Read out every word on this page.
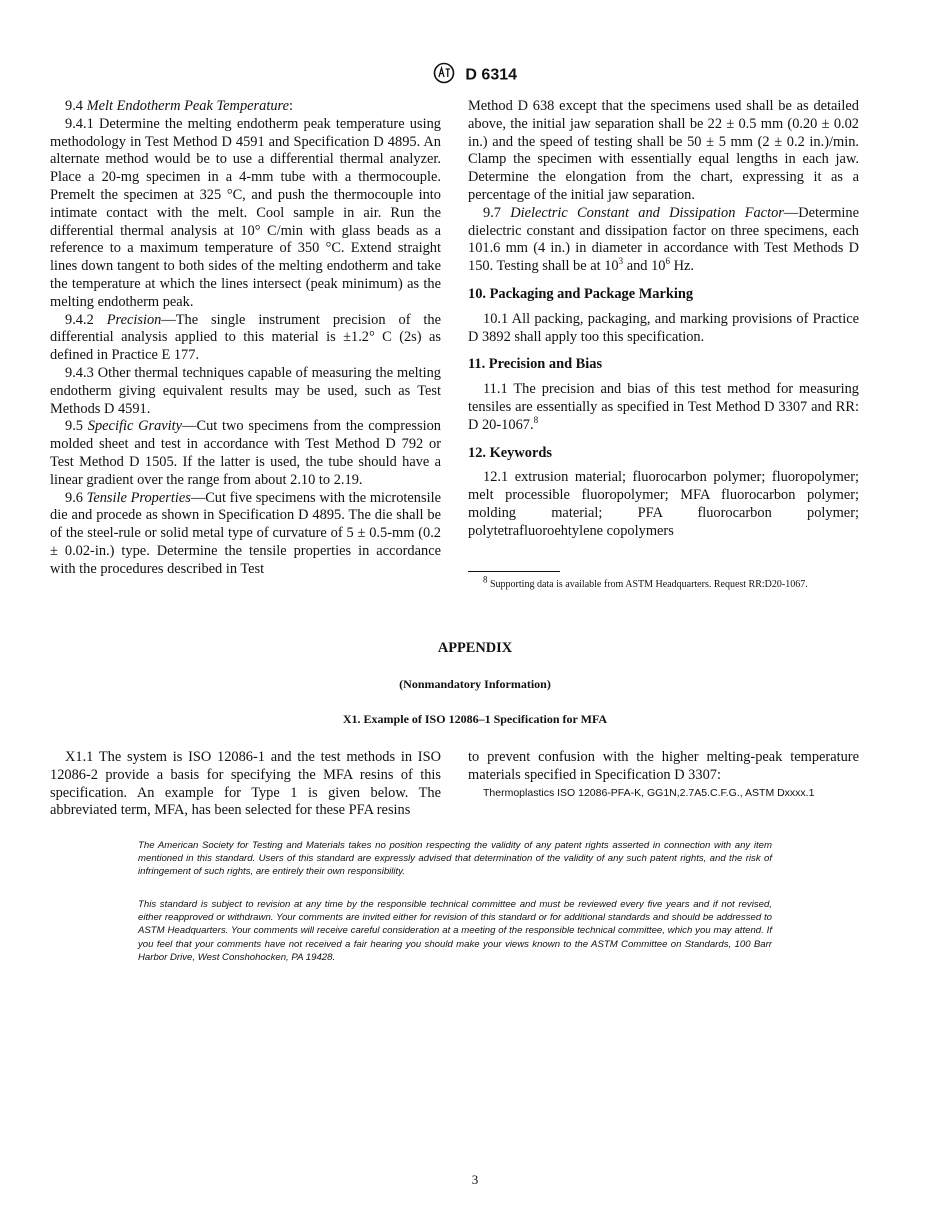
D 6314

9.4 Melt Endotherm Peak Temperature:

9.4.1 Determine the melting endotherm peak temperature using methodology in Test Method D 4591 and Specification D 4895. An alternate method would be to use a differential thermal analyzer. Place a 20-mg specimen in a 4-mm tube with a thermocouple. Premelt the specimen at 325 °C, and push the thermocouple into intimate contact with the melt. Cool sample in air. Run the differential thermal analysis at 10° C/min with glass beads as a reference to a maximum temperature of 350 °C. Extend straight lines down tangent to both sides of the melting endotherm and take the temperature at which the lines intersect (peak minimum) as the melting endotherm peak.

9.4.2 Precision—The single instrument precision of the differential analysis applied to this material is ±1.2° C (2s) as defined in Practice E 177.

9.4.3 Other thermal techniques capable of measuring the melting endotherm giving equivalent results may be used, such as Test Methods D 4591.

9.5 Specific Gravity—Cut two specimens from the compression molded sheet and test in accordance with Test Method D 792 or Test Method D 1505. If the latter is used, the tube should have a linear gradient over the range from about 2.10 to 2.19.

9.6 Tensile Properties—Cut five specimens with the microtensile die and procede as shown in Specification D 4895. The die shall be of the steel-rule or solid metal type of curvature of 5 ± 0.5-mm (0.2 ± 0.02-in.) type. Determine the tensile properties in accordance with the procedures described in Test

Method D 638 except that the specimens used shall be as detailed above, the initial jaw separation shall be 22 ± 0.5 mm (0.20 ± 0.02 in.) and the speed of testing shall be 50 ± 5 mm (2 ± 0.2 in.)/min. Clamp the specimen with essentially equal lengths in each jaw. Determine the elongation from the chart, expressing it as a percentage of the initial jaw separation.

9.7 Dielectric Constant and Dissipation Factor—Determine dielectric constant and dissipation factor on three specimens, each 101.6 mm (4 in.) in diameter in accordance with Test Methods D 150. Testing shall be at $10^3$ and $10^6$ Hz.

10. Packaging and Package Marking

10.1 All packing, packaging, and marking provisions of Practice D 3892 shall apply too this specification.

11. Precision and Bias

11.1 The precision and bias of this test method for measuring tensiles are essentially as specified in Test Method D 3307 and RR: D 20-1067.$^8$

12. Keywords

12.1 extrusion material; fluorocarbon polymer; fluoropolymer; melt processible fluoropolymer; MFA fluorocarbon polymer; molding material; PFA fluorocarbon polymer; polytetrafluoroehtylene copolymers

$^8$ Supporting data is available from ASTM Headquarters. Request RR:D20-1067.

APPENDIX
(Nonmandatory Information)
X1. Example of ISO 12086–1 Specification for MFA

X1.1 The system is ISO 12086-1 and the test methods in ISO 12086-2 provide a basis for specifying the MFA resins of this specification. An example for Type 1 is given below. The abbreviated term, MFA, has been selected for these PFA resins

to prevent confusion with the higher melting-peak temperature materials specified in Specification D 3307:

Thermoplastics ISO 12086-PFA-K, GG1N,2.7A5.C.F.G., ASTM Dxxxx.1

The American Society for Testing and Materials takes no position respecting the validity of any patent rights asserted in connection with any item mentioned in this standard. Users of this standard are expressly advised that determination of the validity of any such patent rights, and the risk of infringement of such rights, are entirely their own responsibility.
This standard is subject to revision at any time by the responsible technical committee and must be reviewed every five years and if not revised, either reapproved or withdrawn. Your comments are invited either for revision of this standard or for additional standards and should be addressed to ASTM Headquarters. Your comments will receive careful consideration at a meeting of the responsible technical committee, which you may attend. If you feel that your comments have not received a fair hearing you should make your views known to the ASTM Committee on Standards, 100 Barr Harbor Drive, West Conshohocken, PA 19428.
3
